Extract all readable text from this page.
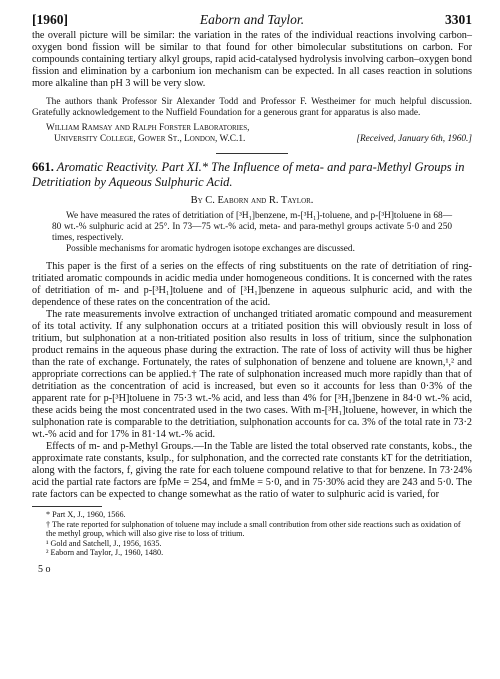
[1960]	Eaborn and Taylor.	3301

the overall picture will be similar: the variation in the rates of the individual reactions involving carbon–oxygen bond fission will be similar to that found for other bimolecular substitutions on carbon. For compounds containing tertiary alkyl groups, rapid acid-catalysed hydrolysis involving carbon–oxygen bond fission and elimination by a carbonium ion mechanism can be expected. In all cases reaction in solutions more alkaline than pH 3 will be very slow.

The authors thank Professor Sir Alexander Todd and Professor F. Westheimer for much helpful discussion. Gratefully acknowledgement to the Nuffield Foundation for a generous grant for apparatus is also made.

William Ramsay and Ralph Forster Laboratories,
University College, Gower St., London, W.C.1.	[Received, January 6th, 1960.]

661. Aromatic Reactivity. Part XI.* The Influence of meta- and para-Methyl Groups in Detritiation by Aqueous Sulphuric Acid.

By C. Eaborn and R. Taylor.

We have measured the rates of detritiation of [³H₁]benzene, m-[³H₁]-toluene, and p-[³H]toluene in 68—80 wt.-% sulphuric acid at 25°. In 73—75 wt.-% acid, meta- and para-methyl groups activate 5·0 and 250 times, respectively.

Possible mechanisms for aromatic hydrogen isotope exchanges are discussed.

This paper is the first of a series on the effects of ring substituents on the rate of detritiation of ring-tritiated aromatic compounds in acidic media under homogeneous conditions. It is concerned with the rates of detritiation of m- and p-[³H₁]toluene and of [³H₁]benzene in aqueous sulphuric acid, and with the dependence of these rates on the concentration of the acid.

The rate measurements involve extraction of unchanged tritiated aromatic compound and measurement of its total activity. If any sulphonation occurs at a tritiated position this will obviously result in loss of tritium, but sulphonation at a non-tritiated position also results in loss of tritium, since the sulphonation product remains in the aqueous phase during the extraction. The rate of loss of activity will thus be higher than the rate of exchange. Fortunately, the rates of sulphonation of benzene and toluene are known,¹,² and appropriate corrections can be applied.† The rate of sulphonation increased much more rapidly than that of detritiation as the concentration of acid is increased, but even so it accounts for less than 0·3% of the apparent rate for p-[³H]toluene in 75·3 wt.-% acid, and less than 4% for [³H₁]benzene in 84·0 wt.-% acid, these acids being the most concentrated used in the two cases. With m-[³H₁]toluene, however, in which the sulphonation rate is comparable to the detritiation, sulphonation accounts for ca. 3% of the total rate in 73·2 wt.-% acid and for 17% in 81·14 wt.-% acid.

Effects of m- and p-Methyl Groups.—In the Table are listed the total observed rate constants, kobs., the approximate rate constants, ksulp., for sulphonation, and the corrected rate constants kT for the detritiation, along with the factors, f, giving the rate for each toluene compound relative to that for benzene. In 73·24% acid the partial rate factors are fpMe = 254, and fmMe = 5·0, and in 75·30% acid they are 243 and 5·0. The rate factors can be expected to change somewhat as the ratio of water to sulphuric acid is varied, for

* Part X, J., 1960, 1566.
† The rate reported for sulphonation of toluene may include a small contribution from other side reactions such as oxidation of the methyl group, which will also give rise to loss of tritium.
¹ Gold and Satchell, J., 1956, 1635.
² Eaborn and Taylor, J., 1960, 1480.
5 o
